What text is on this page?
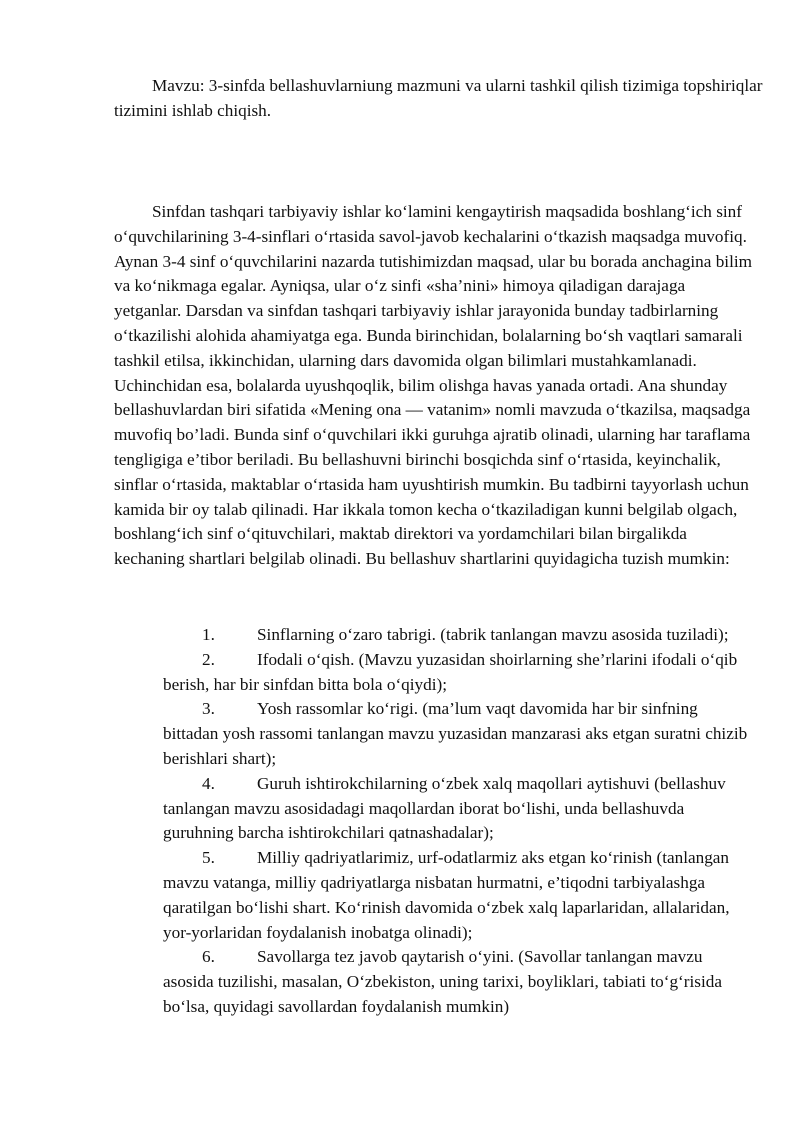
Mavzu: 3-sinfda bellashuvlarniung mazmuni va ularni tashkil qilish tizimiga topshiriqlar tizimini ishlab chiqish.

Sinfdan tashqari tarbiyaviy ishlar koʻlamini kengaytirish maqsadida boshlangʻich sinf oʻquvchilarining 3-4-sinflari oʻrtasida savol-javob kechalarini oʻtkazish maqsadga muvofiq. Aynan 3-4 sinf oʻquvchilarini nazarda tutishimizdan maqsad, ular bu borada anchagina bilim va koʻnikmaga egalar. Ayniqsa, ular oʻz sinfi «sha’nini» himoya qiladigan darajaga yetganlar. Darsdan va sinfdan tashqari tarbiyaviy ishlar jarayonida bunday tadbirlarning oʻtkazilishi alohida ahamiyatga ega. Bunda birinchidan, bolalarning boʻsh vaqtlari samarali tashkil etilsa, ikkinchidan, ularning dars davomida olgan bilimlari mustahkamlanadi. Uchinchidan esa, bolalarda uyushqoqlik, bilim olishga havas yanada ortadi. Ana shunday bellashuvlardan biri sifatida «Mening ona — vatanim» nomli mavzuda oʻtkazilsa, maqsadga muvofiq bo’ladi. Bunda sinf oʻquvchilari ikki guruhga ajratib olinadi, ularning har taraflama tengligiga e’tibor beriladi. Bu bellashuvni birinchi bosqichda sinf oʻrtasida, keyinchalik, sinflar oʻrtasida, maktablar oʻrtasida ham uyushtirish mumkin. Bu tadbirni tayyorlash uchun kamida bir oy talab qilinadi. Har ikkala tomon kecha oʻtkaziladigan kunni belgilab olgach, boshlangʻich sinf oʻqituvchilari, maktab direktori va yordamchilari bilan birgalikda kechaning shartlari belgilab olinadi. Bu bellashuv shartlarini quyidagicha tuzish mumkin:

1. Sinflarning oʻzaro tabrigi. (tabrik tanlangan mavzu asosida tuziladi);
2. Ifodali oʻqish. (Mavzu yuzasidan shoirlarning she’rlarini ifodali oʻqib berish, har bir sinfdan bitta bola oʻqiydi);
3. Yosh rassomlar koʻrigi. (ma’lum vaqt davomida har bir sinfning bittadan yosh rassomi tanlangan mavzu yuzasidan manzarasi aks etgan suratni chizib berishlari shart);
4. Guruh ishtirokchilarning oʻzbek xalq maqollari aytishuvi (bellashuv tanlangan mavzu asosidadagi maqollardan iborat boʻlishi, unda bellashuvda guruhning barcha ishtirokchilari qatnashadalar);
5. Milliy qadriyatlarimiz, urf-odatlarmiz aks etgan koʻrinish (tanlangan mavzu vatanga, milliy qadriyatlarga nisbatan hurmatni, e’tiqodni tarbiyalashga qaratilgan boʻlishi shart. Koʻrinish davomida oʻzbek xalq laparlaridan, allalaridan, yor-yorlaridan foydalanish inobatga olinadi);
6. Savollarga tez javob qaytarish oʻyini. (Savollar tanlangan mavzu asosida tuzilishi, masalan, Oʻzbekiston, uning tarixi, boyliklari, tabiati toʻgʻrisida boʻlsa, quyidagi savollardan foydalanish mumkin)
